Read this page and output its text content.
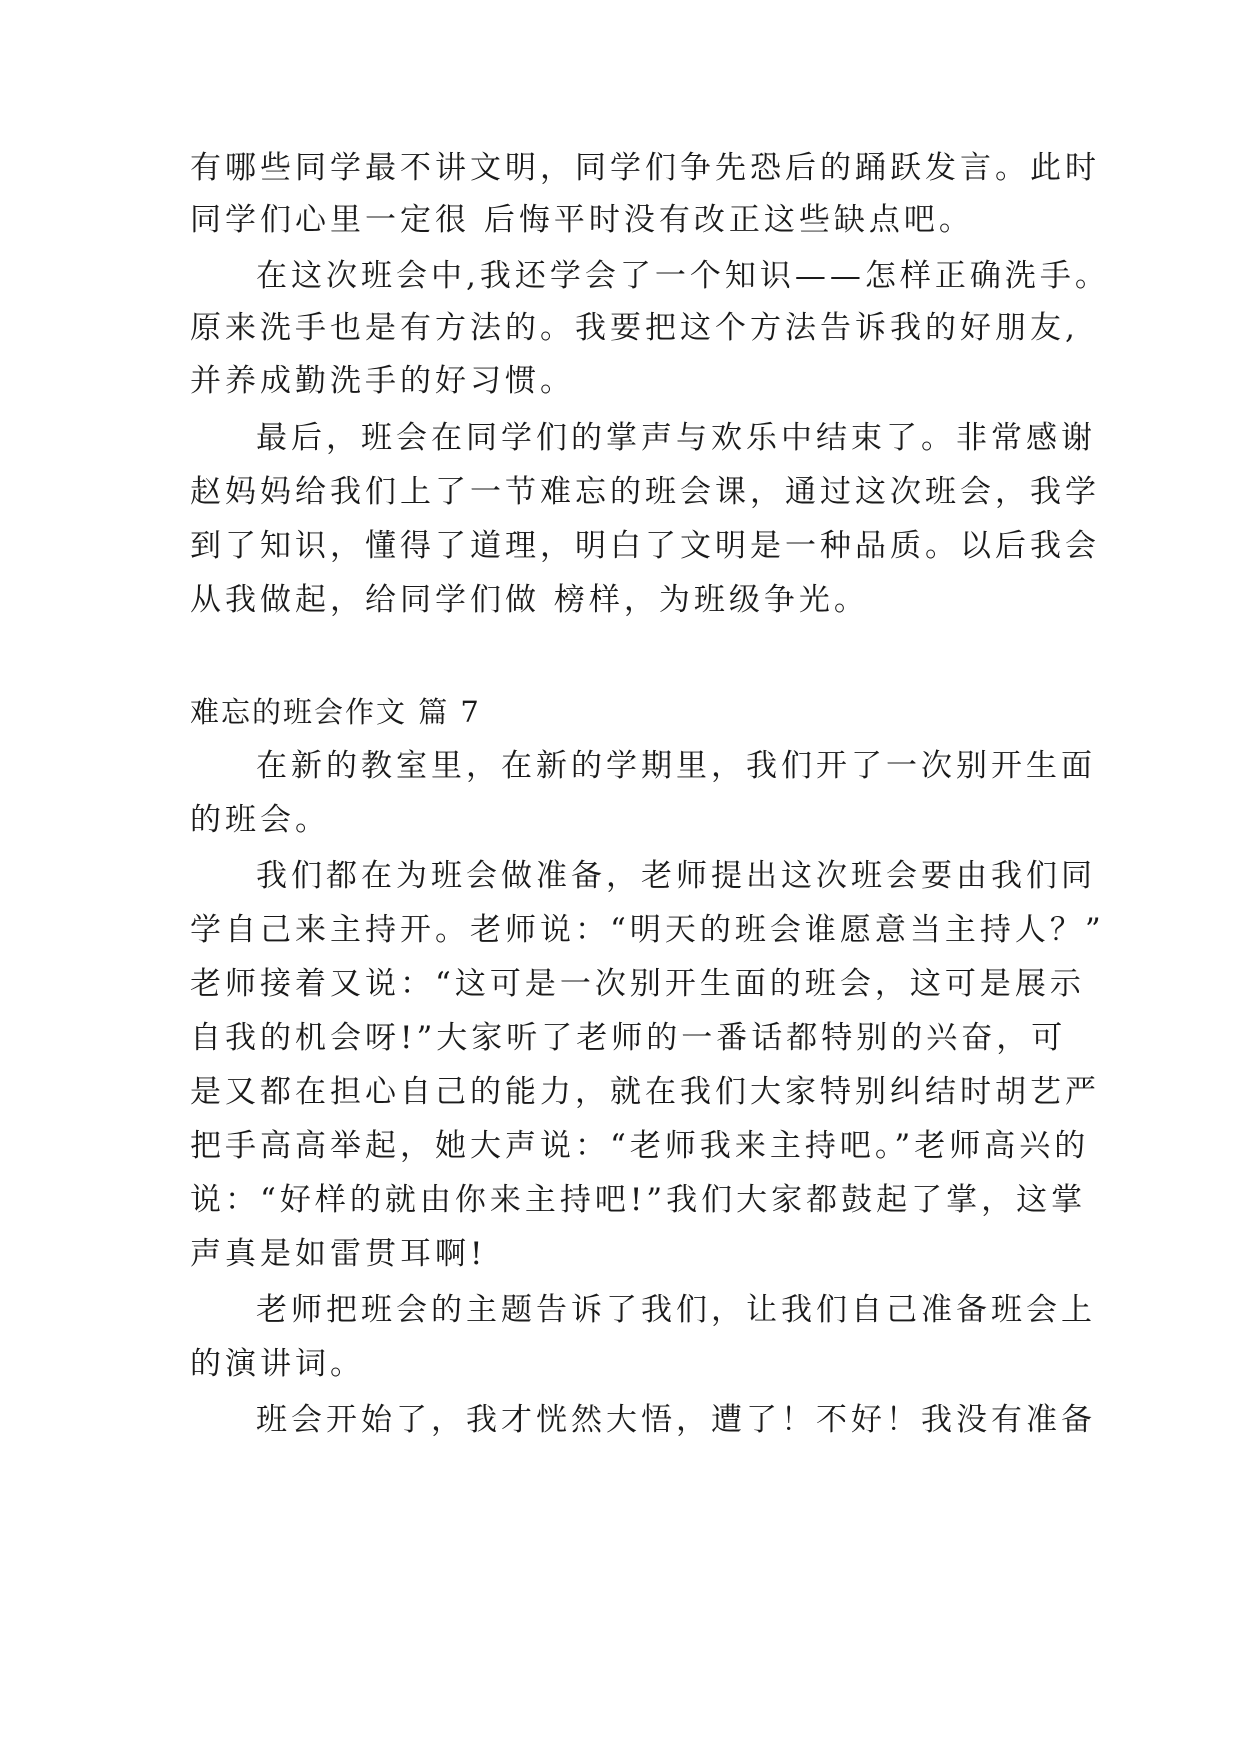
有哪些同学最不讲文明，同学们争先恐后的踊跃发言。此时
同学们心里一定很 后悔平时没有改正这些缺点吧。
在这次班会中,我还学会了一个知识——怎样正确洗手。
原来洗手也是有方法的。我要把这个方法告诉我的好朋友,
并养成勤洗手的好习惯。
最后，班会在同学们的掌声与欢乐中结束了。非常感谢
赵妈妈给我们上了一节难忘的班会课，通过这次班会，我学
到了知识，懂得了道理，明白了文明是一种品质。以后我会
从我做起，给同学们做 榜样，为班级争光。
难忘的班会作文 篇 7
在新的教室里，在新的学期里，我们开了一次别开生面
的班会。
我们都在为班会做准备，老师提出这次班会要由我们同
学自己来主持开。老师说：“明天的班会谁愿意当主持人？”
老师接着又说：“这可是一次别开生面的班会，这可是展示
自我的机会呀!”大家听了老师的一番话都特别的兴奋，可
是又都在担心自己的能力，就在我们大家特别纠结时胡艺严
把手高高举起，她大声说：“老师我来主持吧。”老师高兴的
说：“好样的就由你来主持吧!”我们大家都鼓起了掌，这掌
声真是如雷贯耳啊!
老师把班会的主题告诉了我们，让我们自己准备班会上
的演讲词。
班会开始了，我才恍然大悟，遭了！不好！我没有准备
